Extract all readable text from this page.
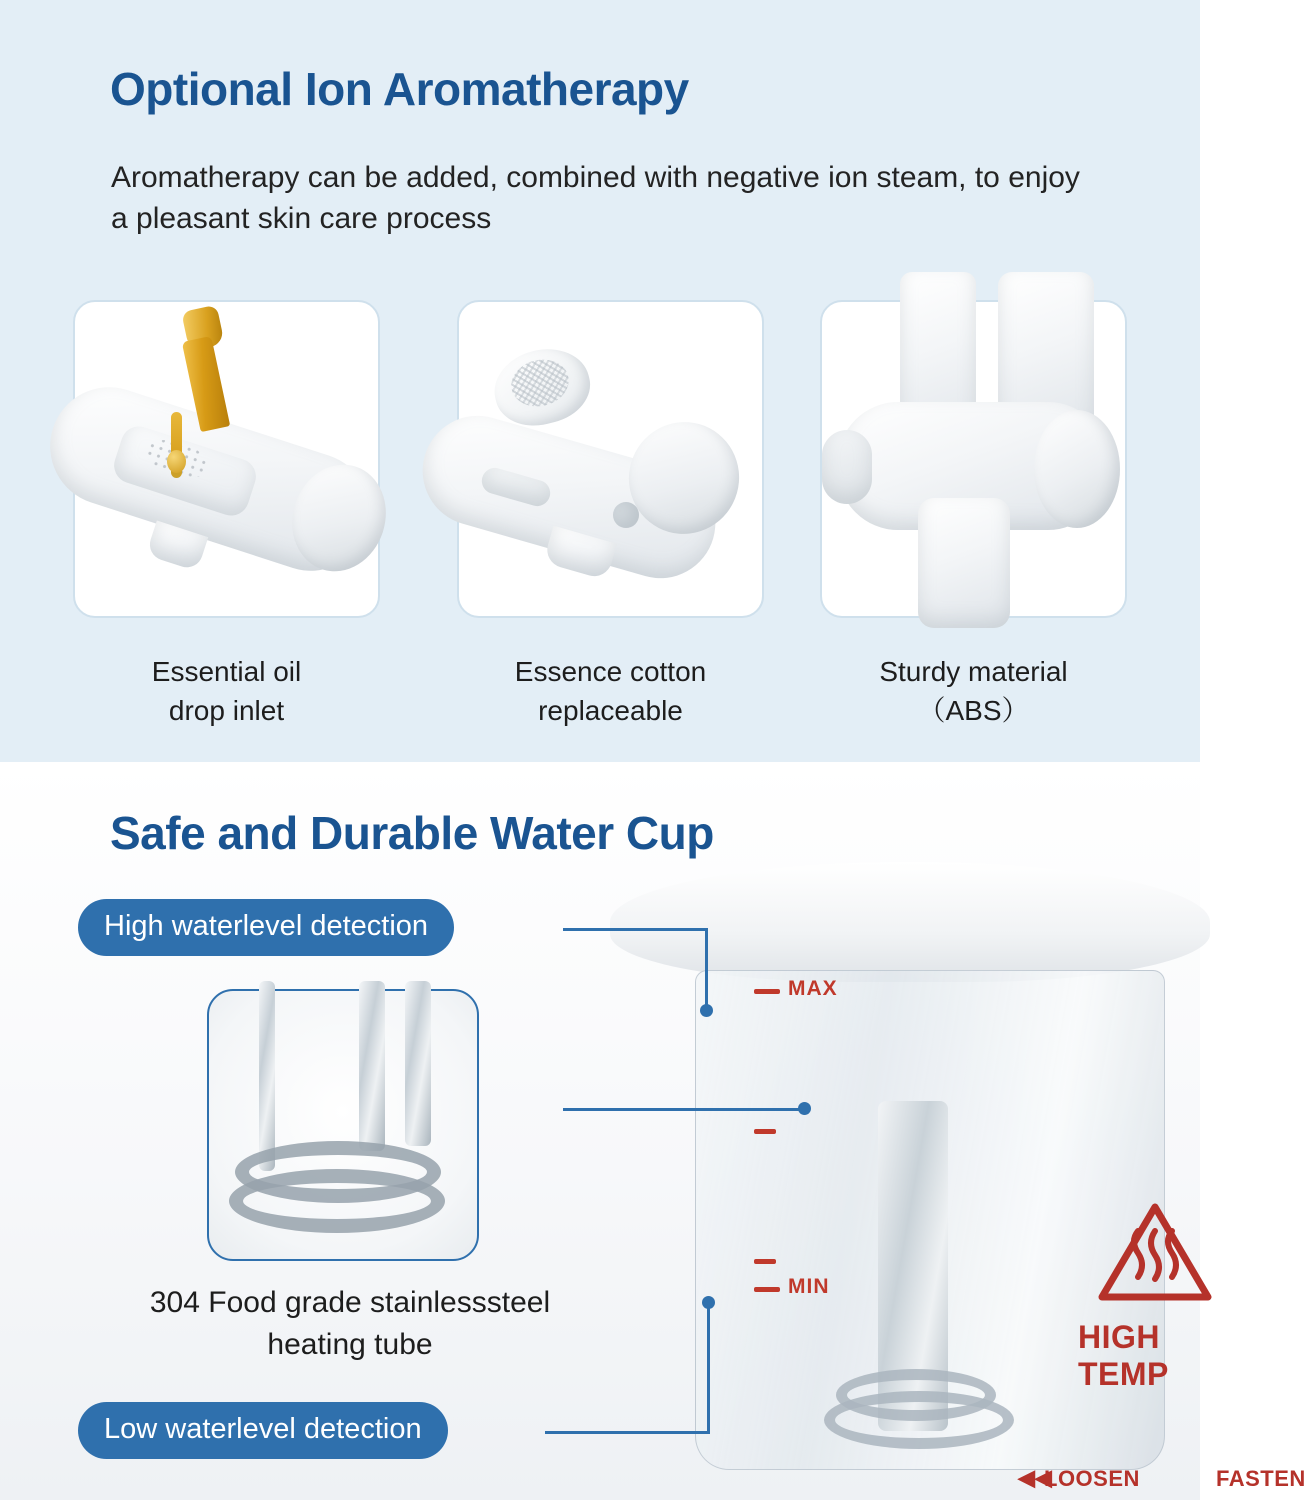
Optional Ion Aromatherapy
Aromatherapy can be added, combined with negative ion steam, to enjoy a pleasant skin care process
Essential oil
drop inlet
Essence cotton
replaceable
Sturdy material
（ABS）
Safe and Durable Water Cup
MAX
MIN
HIGH TEMP
◀◀
LOOSEN	FASTEN
High waterlevel detection
Low waterlevel detection
304 Food grade stainlesssteel
heating tube
